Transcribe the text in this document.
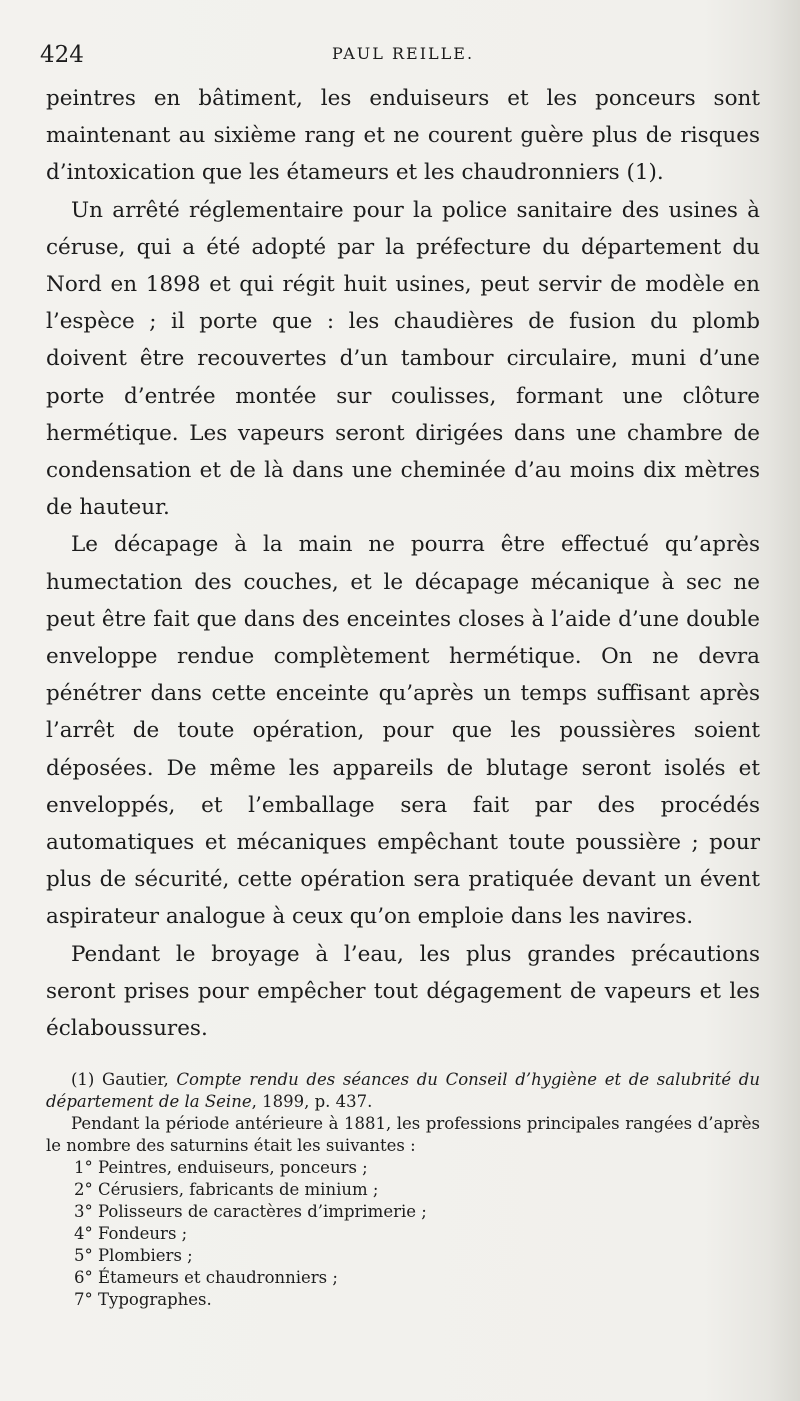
424	PAUL REILLE.

peintres en bâtiment, les enduiseurs et les ponceurs sont maintenant au sixième rang et ne courent guère plus de risques d’intoxication que les étameurs et les chaudronniers (1).

Un arrêté réglementaire pour la police sanitaire des usines à céruse, qui a été adopté par la préfecture du département du Nord en 1898 et qui régit huit usines, peut servir de modèle en l’espèce ; il porte que : les chaudières de fusion du plomb doivent être recouvertes d’un tambour circulaire, muni d’une porte d’entrée montée sur coulisses, formant une clôture hermétique. Les vapeurs seront dirigées dans une chambre de condensation et de là dans une cheminée d’au moins dix mètres de hauteur.

Le décapage à la main ne pourra être effectué qu’après humectation des couches, et le décapage mécanique à sec ne peut être fait que dans des enceintes closes à l’aide d’une double enveloppe rendue complètement hermétique. On ne devra pénétrer dans cette enceinte qu’après un temps suffisant après l’arrêt de toute opération, pour que les poussières soient déposées. De même les appareils de blutage seront isolés et enveloppés, et l’emballage sera fait par des procédés automatiques et mécaniques empêchant toute poussière ; pour plus de sécurité, cette opération sera pratiquée devant un évent aspirateur analogue à ceux qu’on emploie dans les navires.

Pendant le broyage à l’eau, les plus grandes précautions seront prises pour empêcher tout dégagement de vapeurs et les éclaboussures.

(1) Gautier, Compte rendu des séances du Conseil d’hygiène et de salubrité du département de la Seine, 1899, p. 437.

Pendant la période antérieure à 1881, les professions principales rangées d’après le nombre des saturnins était les suivantes :

1° Peintres, enduiseurs, ponceurs ;

2° Cérusiers, fabricants de minium ;

3° Polisseurs de caractères d’imprimerie ;

4° Fondeurs ;

5° Plombiers ;

6° Étameurs et chaudronniers ;

7° Typographes.
